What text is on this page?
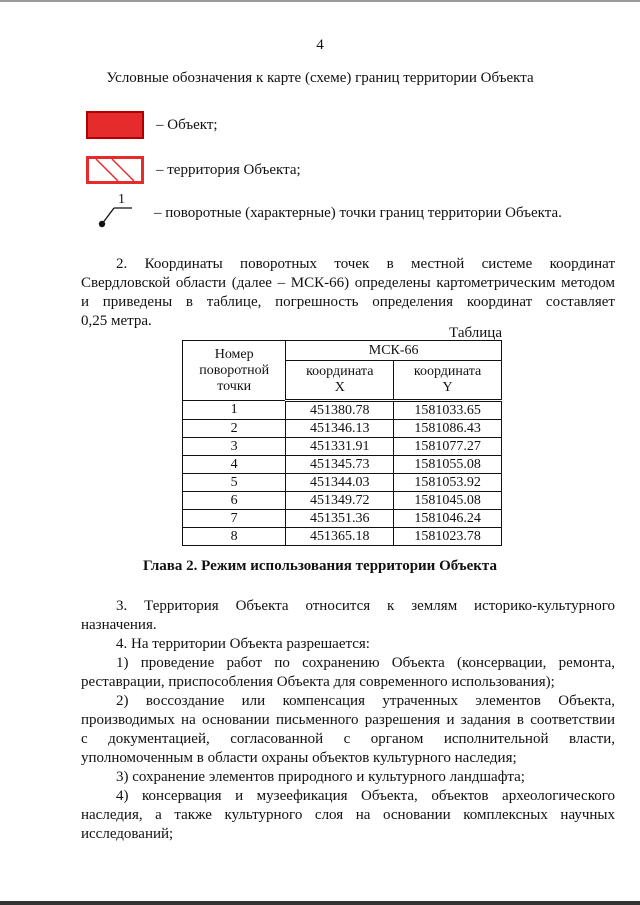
4
Условные обозначения к карте (схеме) границ территории Объекта
– Объект;
– территория Объекта;
1
– поворотные (характерные) точки границ территории Объекта.
2. Координаты поворотных точек в местной системе координат
Свердловской области (далее – МСК-66) определены картометрическим методом
и приведены в таблице, погрешность определения координат составляет
0,25 метра.
Таблица
Номер поворотной точки	МСК-66	
	координата X	координата Y
1	451380.78	1581033.65
2	451346.13	1581086.43
3	451331.91	1581077.27
4	451345.73	1581055.08
5	451344.03	1581053.92
6	451349.72	1581045.08
7	451351.36	1581046.24
8	451365.18	1581023.78
Глава 2. Режим использования территории Объекта
3. Территория Объекта относится к землям историко-культурного
назначения.
4. На территории Объекта разрешается:
1) проведение работ по сохранению Объекта (консервации, ремонта,
реставрации, приспособления Объекта для современного использования);
2) воссоздание или компенсация утраченных элементов Объекта,
производимых на основании письменного разрешения и задания в соответствии
с документацией, согласованной с органом исполнительной власти,
уполномоченным в области охраны объектов культурного наследия;
3) сохранение элементов природного и культурного ландшафта;
4) консервация и музеефикация Объекта, объектов археологического
наследия, а также культурного слоя на основании комплексных научных
исследований;
